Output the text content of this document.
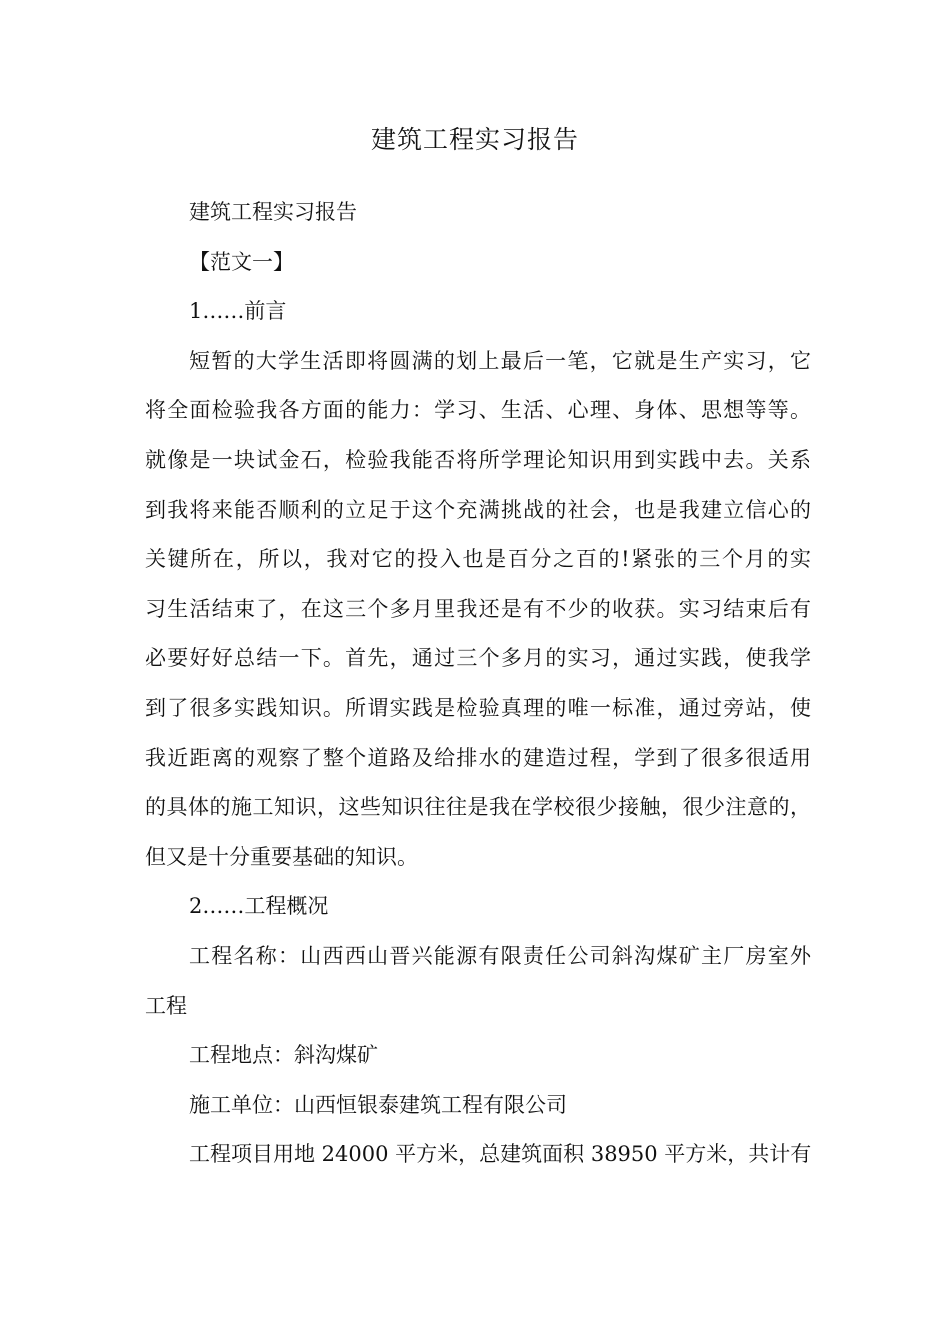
建筑工程实习报告

建筑工程实习报告

【范文一】

1……前言

短暂的大学生活即将圆满的划上最后一笔，它就是生产实习，它
将全面检验我各方面的能力：学习、生活、心理、身体、思想等等。
就像是一块试金石，检验我能否将所学理论知识用到实践中去。关系
到我将来能否顺利的立足于这个充满挑战的社会，也是我建立信心的
关键所在，所以，我对它的投入也是百分之百的!紧张的三个月的实
习生活结束了，在这三个多月里我还是有不少的收获。实习结束后有
必要好好总结一下。首先，通过三个多月的实习，通过实践，使我学
到了很多实践知识。所谓实践是检验真理的唯一标准，通过旁站，使
我近距离的观察了整个道路及给排水的建造过程，学到了很多很适用
的具体的施工知识，这些知识往往是我在学校很少接触，很少注意的，
但又是十分重要基础的知识。

2……工程概况

工程名称：山西西山晋兴能源有限责任公司斜沟煤矿主厂房室外
工程

工程地点：斜沟煤矿

施工单位：山西恒银泰建筑工程有限公司

工程项目用地 24000 平方米，总建筑面积 38950 平方米，共计有
